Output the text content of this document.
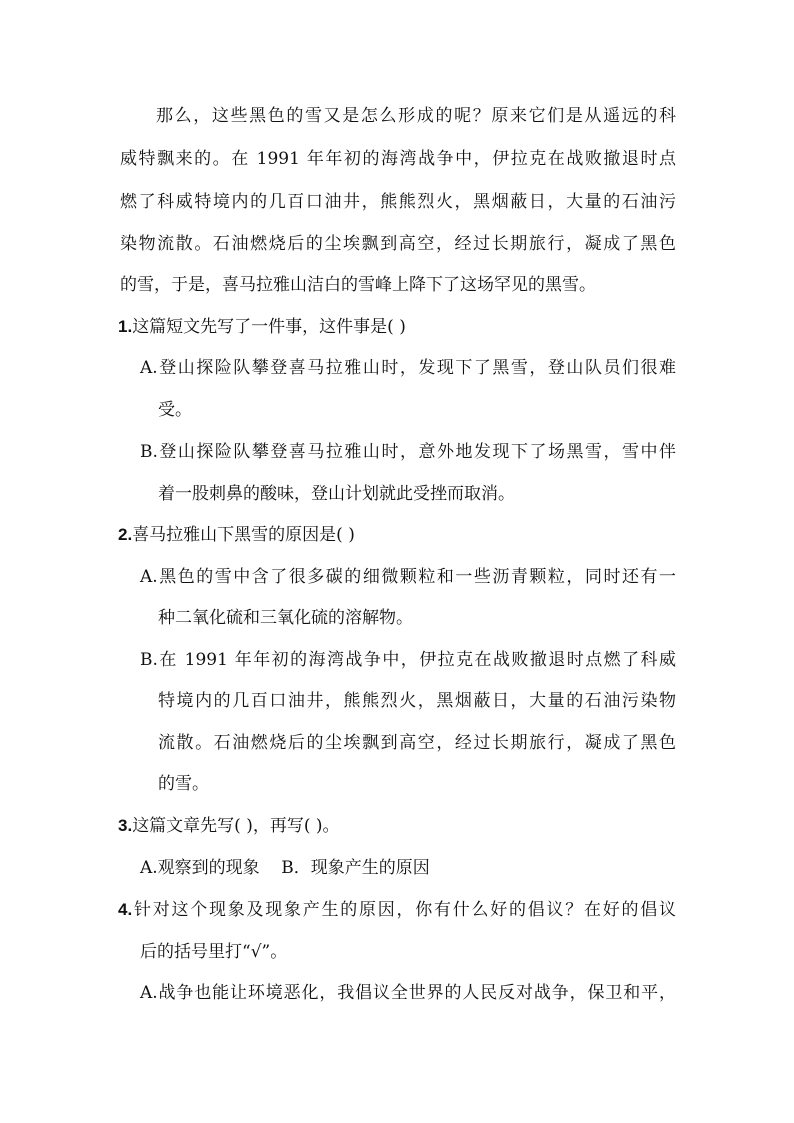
那么，这些黑色的雪又是怎么形成的呢？原来它们是从遥远的科
威特飘来的。在 1991 年年初的海湾战争中，伊拉克在战败撤退时点
燃了科威特境内的几百口油井，熊熊烈火，黑烟蔽日，大量的石油污
染物流散。石油燃烧后的尘埃飘到高空，经过长期旅行，凝成了黑色
的雪，于是，喜马拉雅山洁白的雪峰上降下了这场罕见的黑雪。
1.这篇短文先写了一件事，这件事是( )
A.登山探险队攀登喜马拉雅山时，发现下了黑雪，登山队员们很难
受。
B.登山探险队攀登喜马拉雅山时，意外地发现下了场黑雪，雪中伴
着一股刺鼻的酸味，登山计划就此受挫而取消。
2.喜马拉雅山下黑雪的原因是( )
A.黑色的雪中含了很多碳的细微颗粒和一些沥青颗粒，同时还有一
种二氧化硫和三氧化硫的溶解物。
B.在 1991 年年初的海湾战争中，伊拉克在战败撤退时点燃了科威
特境内的几百口油井，熊熊烈火，黑烟蔽日，大量的石油污染物
流散。石油燃烧后的尘埃飘到高空，经过长期旅行，凝成了黑色
的雪。
3.这篇文章先写( )，再写( )。
A.观察到的现象    B．现象产生的原因
4.针对这个现象及现象产生的原因，你有什么好的倡议？在好的倡议
后的括号里打“√”。
A.战争也能让环境恶化，我倡议全世界的人民反对战争，保卫和平，
